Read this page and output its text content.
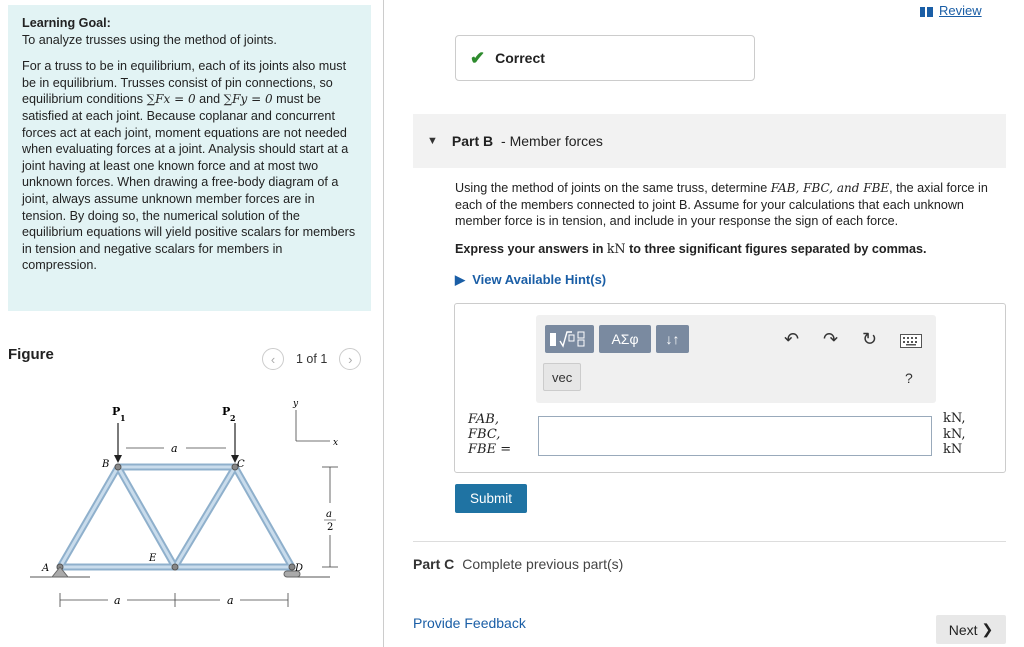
Learning Goal:

To analyze trusses using the method of joints.

For a truss to be in equilibrium, each of its joints also must be in equilibrium. Trusses consist of pin connections, so equilibrium conditions ∑Fx = 0 and ∑Fy = 0 must be satisfied at each joint. Because coplanar and concurrent forces act at each joint, moment equations are not needed when evaluating forces at a joint. Analysis should start at a joint having at least one known force and at most two unknown forces. When drawing a free-body diagram of a joint, always assume unknown member forces are in tension. By doing so, the numerical solution of the equilibrium equations will yield positive scalars for members in tension and negative scalars for members in compression.

Figure	‹ 1 of 1 ›
P 1	P 2
a
y
x
a
2
A
B	C
E
D
a	a
Review
✔ Correct
▼ Part B - Member forces
Using the method of joints on the same truss, determine FAB, FBC, and FBE, the axial force in each of the members connected to joint B. Assume for your calculations that each unknown member force is in tension, and include in your response the sign of each force.
Express your answers in kN to three significant figures separated by commas.
▶ View Available Hint(s)
ΑΣφ	↓↑
vec
↶ ↷ ↻
?
FAB,
FBC,
FBE =
kN,
kN,
kN
Submit
Part C Complete previous part(s)
Provide Feedback	Next
❯
